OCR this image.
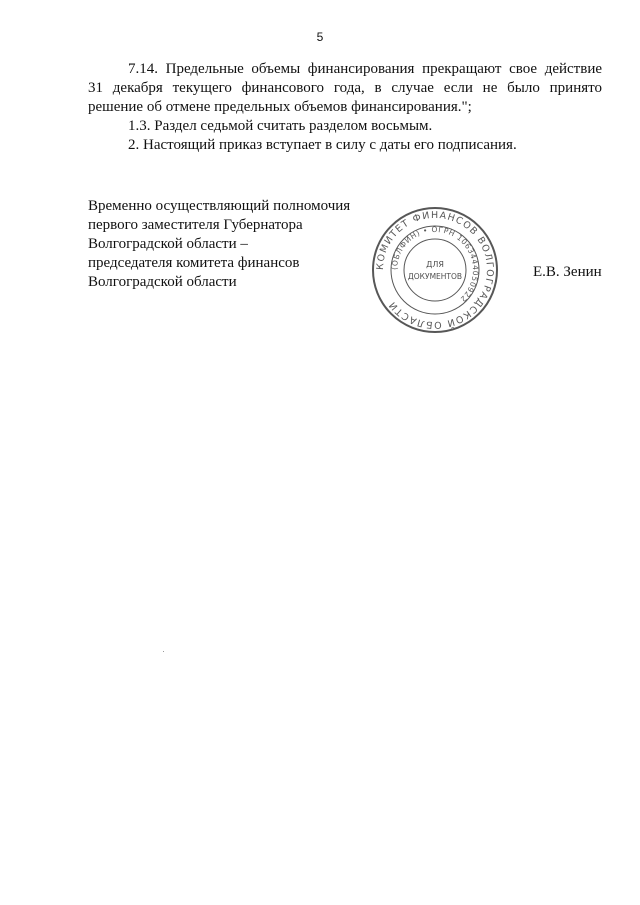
5

7.14. Предельные объемы финансирования прекращают свое действие

31 декабря текущего финансового года, в случае если не было принято

решение об отмене предельных объемов финансирования.";

1.3. Раздел седьмой считать разделом восьмым.

2. Настоящий приказ вступает в силу с даты его подписания.

Временно осуществляющий полномочия
первого заместителя Губернатора
Волгоградской области –
председателя комитета финансов
Волгоградской области
КОМИТЕТ ФИНАНСОВ ВОЛГОГРАДСКОЙ ОБЛАСТИ
(ОБЛФИН) • ОГРН 1063444050922
ДЛЯ
ДОКУМЕНТОВ	Е.В. Зенин
